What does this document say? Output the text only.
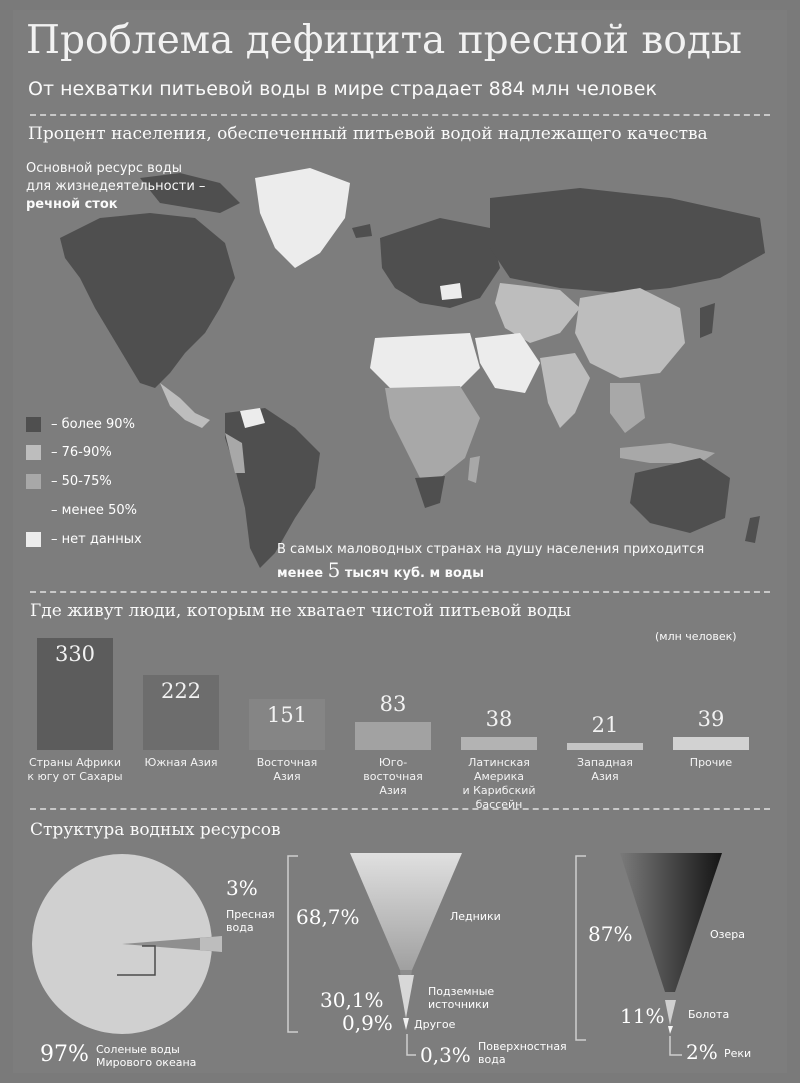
Проблема дефицита пресной воды
От нехватки питьевой воды в мире страдает 884 млн человек
Процент населения, обеспеченный питьевой водой надлежащего качества
Основной ресурс воды
для жизнедеятельности –
речной сток
– более 90%
– 76-90%
– 50-75%
– менее 50%
– нет данных
В самых маловодных странах на душу населения приходится
менее 5 тысяч куб. м воды
Где живут люди, которым не хватает чистой питьевой воды
(млн человек)
330
Страны Африки
к югу от Сахары
222
Южная Азия
151
Восточная
Азия
83
Юго-
восточная
Азия
38
Латинская Америка
и Карибский
бассейн
21
Западная
Азия
39
Прочие
Структура водных ресурсов
3%
Пресная
вода
97% Соленые воды
Мирового океана
68,7%	Ледники
30,1%	Подземные
источники
0,9% Другое
0,3% Поверхностная
вода
87%	Озера
11% Болота
2% Реки
